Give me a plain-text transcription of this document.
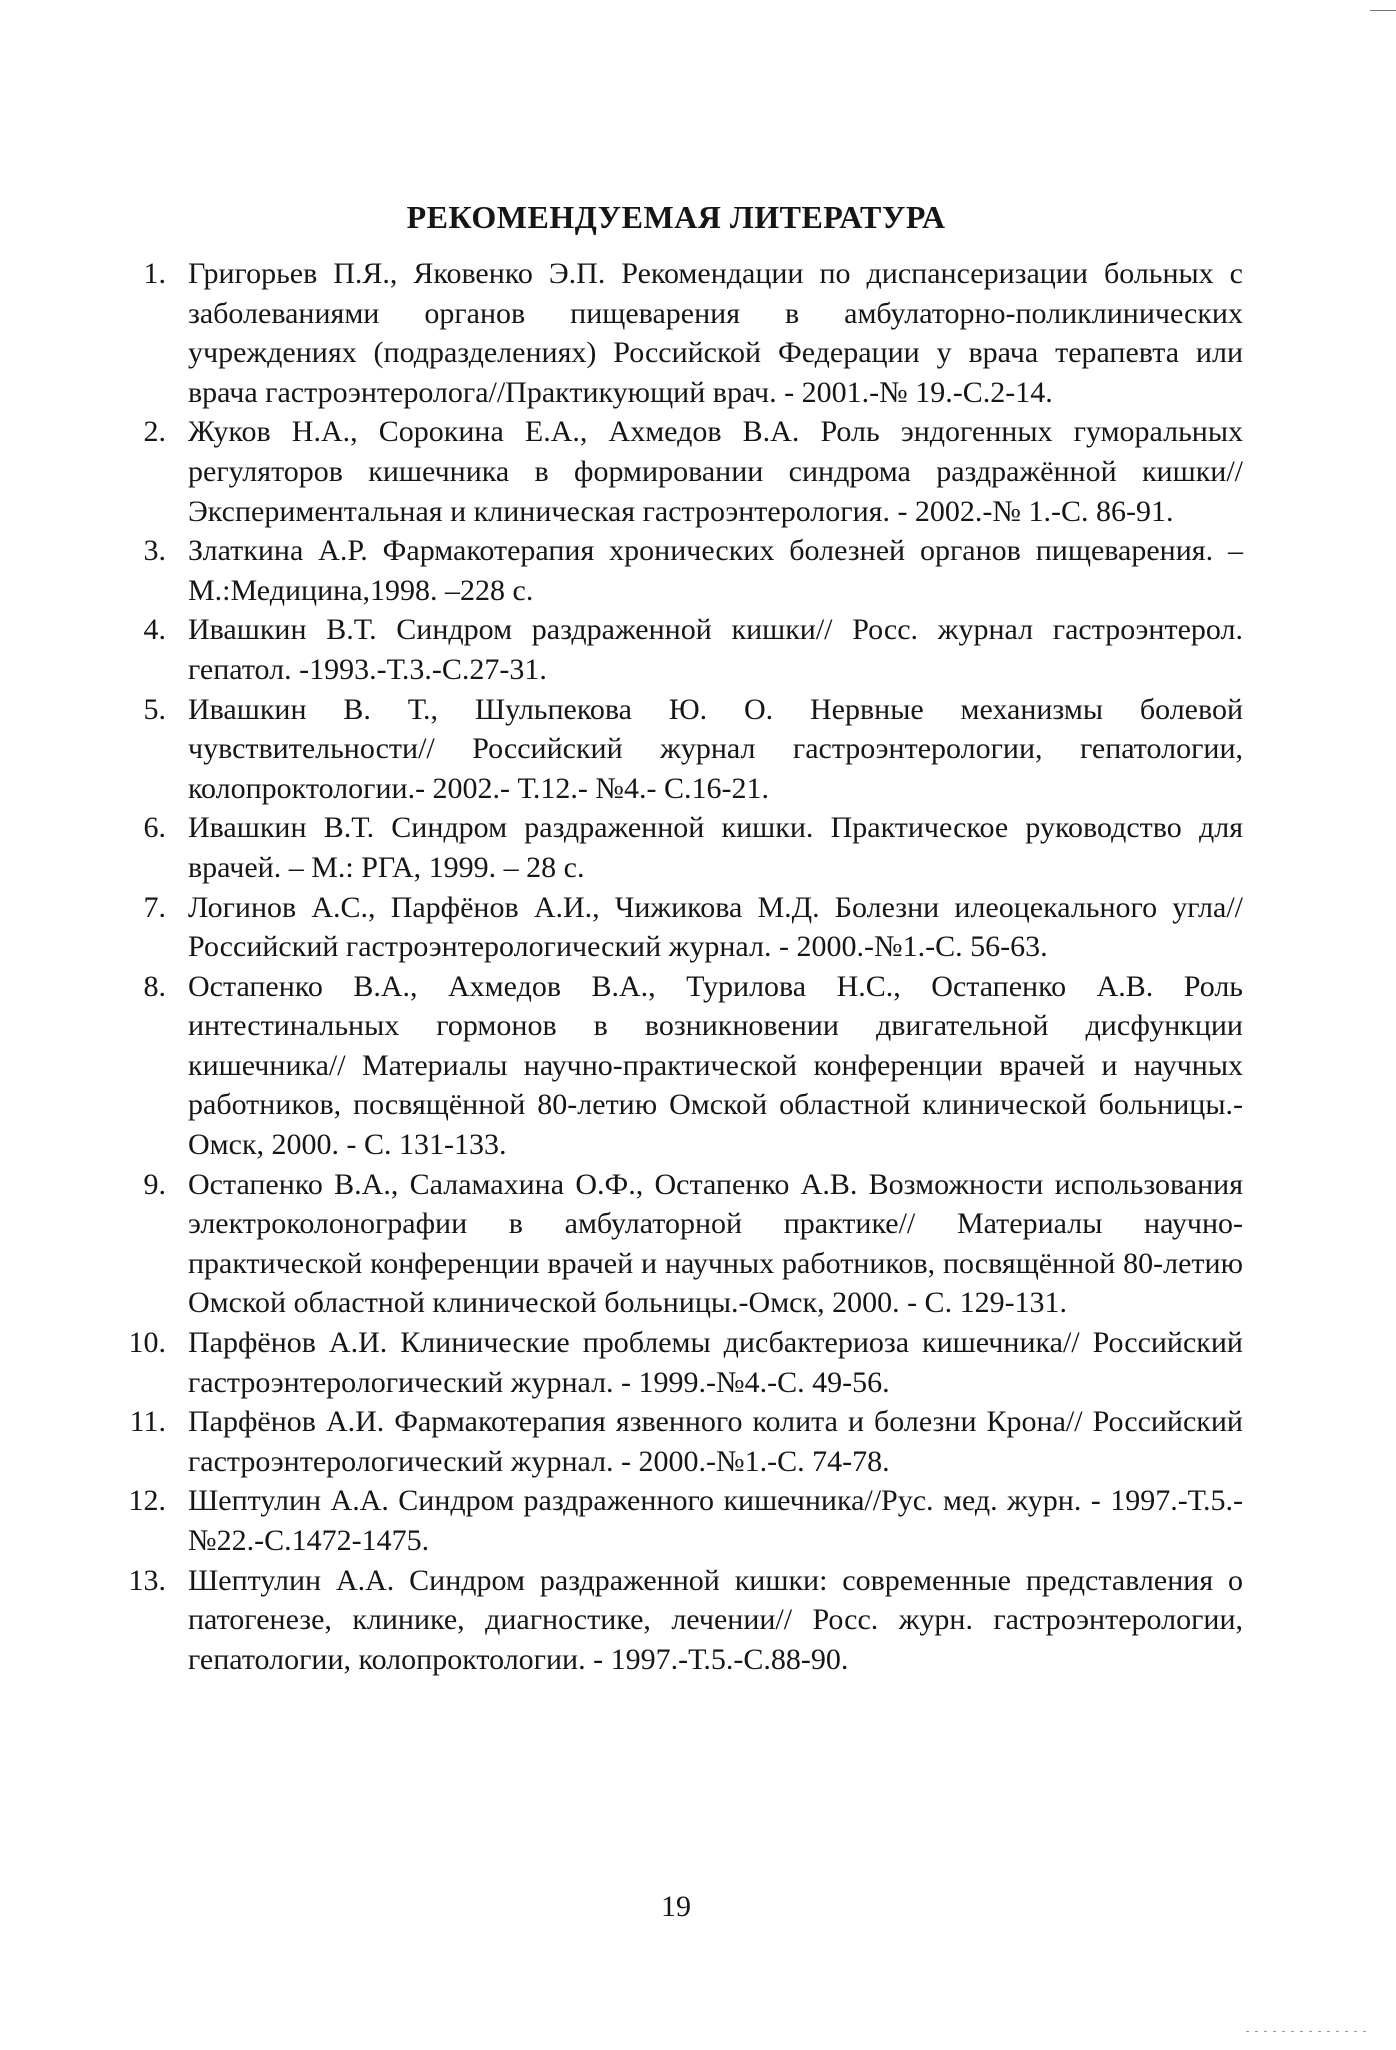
РЕКОМЕНДУЕМАЯ ЛИТЕРАТУРА
1. Григорьев П.Я., Яковенко Э.П. Рекомендации по диспансеризации больных с заболеваниями органов пищеварения в амбулаторно-поликлинических учреждениях (подразделениях) Российской Федерации у врача терапевта или врача гастроэнтеролога//Практикующий врач. - 2001.-№ 19.-С.2-14.
2. Жуков Н.А., Сорокина Е.А., Ахмедов В.А. Роль эндогенных гуморальных регуляторов кишечника в формировании синдрома раздражённой кишки// Экспериментальная и клиническая гастроэнтерология. - 2002.-№ 1.-С. 86-91.
3. Златкина А.Р. Фармакотерапия хронических болезней органов пищеварения. – М.:Медицина,1998. –228 с.
4. Ивашкин В.Т. Синдром раздраженной кишки// Росс. журнал гастроэнтерол. гепатол. -1993.-Т.3.-С.27-31.
5. Ивашкин В. Т., Шульпекова Ю. О. Нервные механизмы болевой чувствительности// Российский журнал гастроэнтерологии, гепатологии, колопроктологии.- 2002.- Т.12.- №4.- С.16-21.
6. Ивашкин В.Т. Синдром раздраженной кишки. Практическое руководство для врачей. – М.: РГА, 1999. – 28 с.
7. Логинов А.С., Парфёнов А.И., Чижикова М.Д. Болезни илеоцекального угла// Российский гастроэнтерологический журнал. - 2000.-№1.-С. 56-63.
8. Остапенко В.А., Ахмедов В.А., Турилова Н.С., Остапенко А.В. Роль интестинальных гормонов в возникновении двигательной дисфункции кишечника// Материалы научно-практической конференции врачей и научных работников, посвящённой 80-летию Омской областной клинической больницы.-Омск, 2000. - С. 131-133.
9. Остапенко В.А., Саламахина О.Ф., Остапенко А.В. Возможности использования электроколонографии в амбулаторной практике// Материалы научно-практической конференции врачей и научных работников, посвящённой 80-летию Омской областной клинической больницы.-Омск, 2000. - С. 129-131.
10. Парфёнов А.И. Клинические проблемы дисбактериоза кишечника// Российский гастроэнтерологический журнал. - 1999.-№4.-С. 49-56.
11. Парфёнов А.И. Фармакотерапия язвенного колита и болезни Крона// Российский гастроэнтерологический журнал. - 2000.-№1.-С. 74-78.
12. Шептулин А.А. Синдром раздраженного кишечника//Рус. мед. журн. - 1997.-Т.5.- №22.-С.1472-1475.
13. Шептулин А.А. Синдром раздраженной кишки: современные представления о патогенезе, клинике, диагностике, лечении// Росс. журн. гастроэнтерологии, гепатологии, колопроктологии. - 1997.-Т.5.-С.88-90.
19
